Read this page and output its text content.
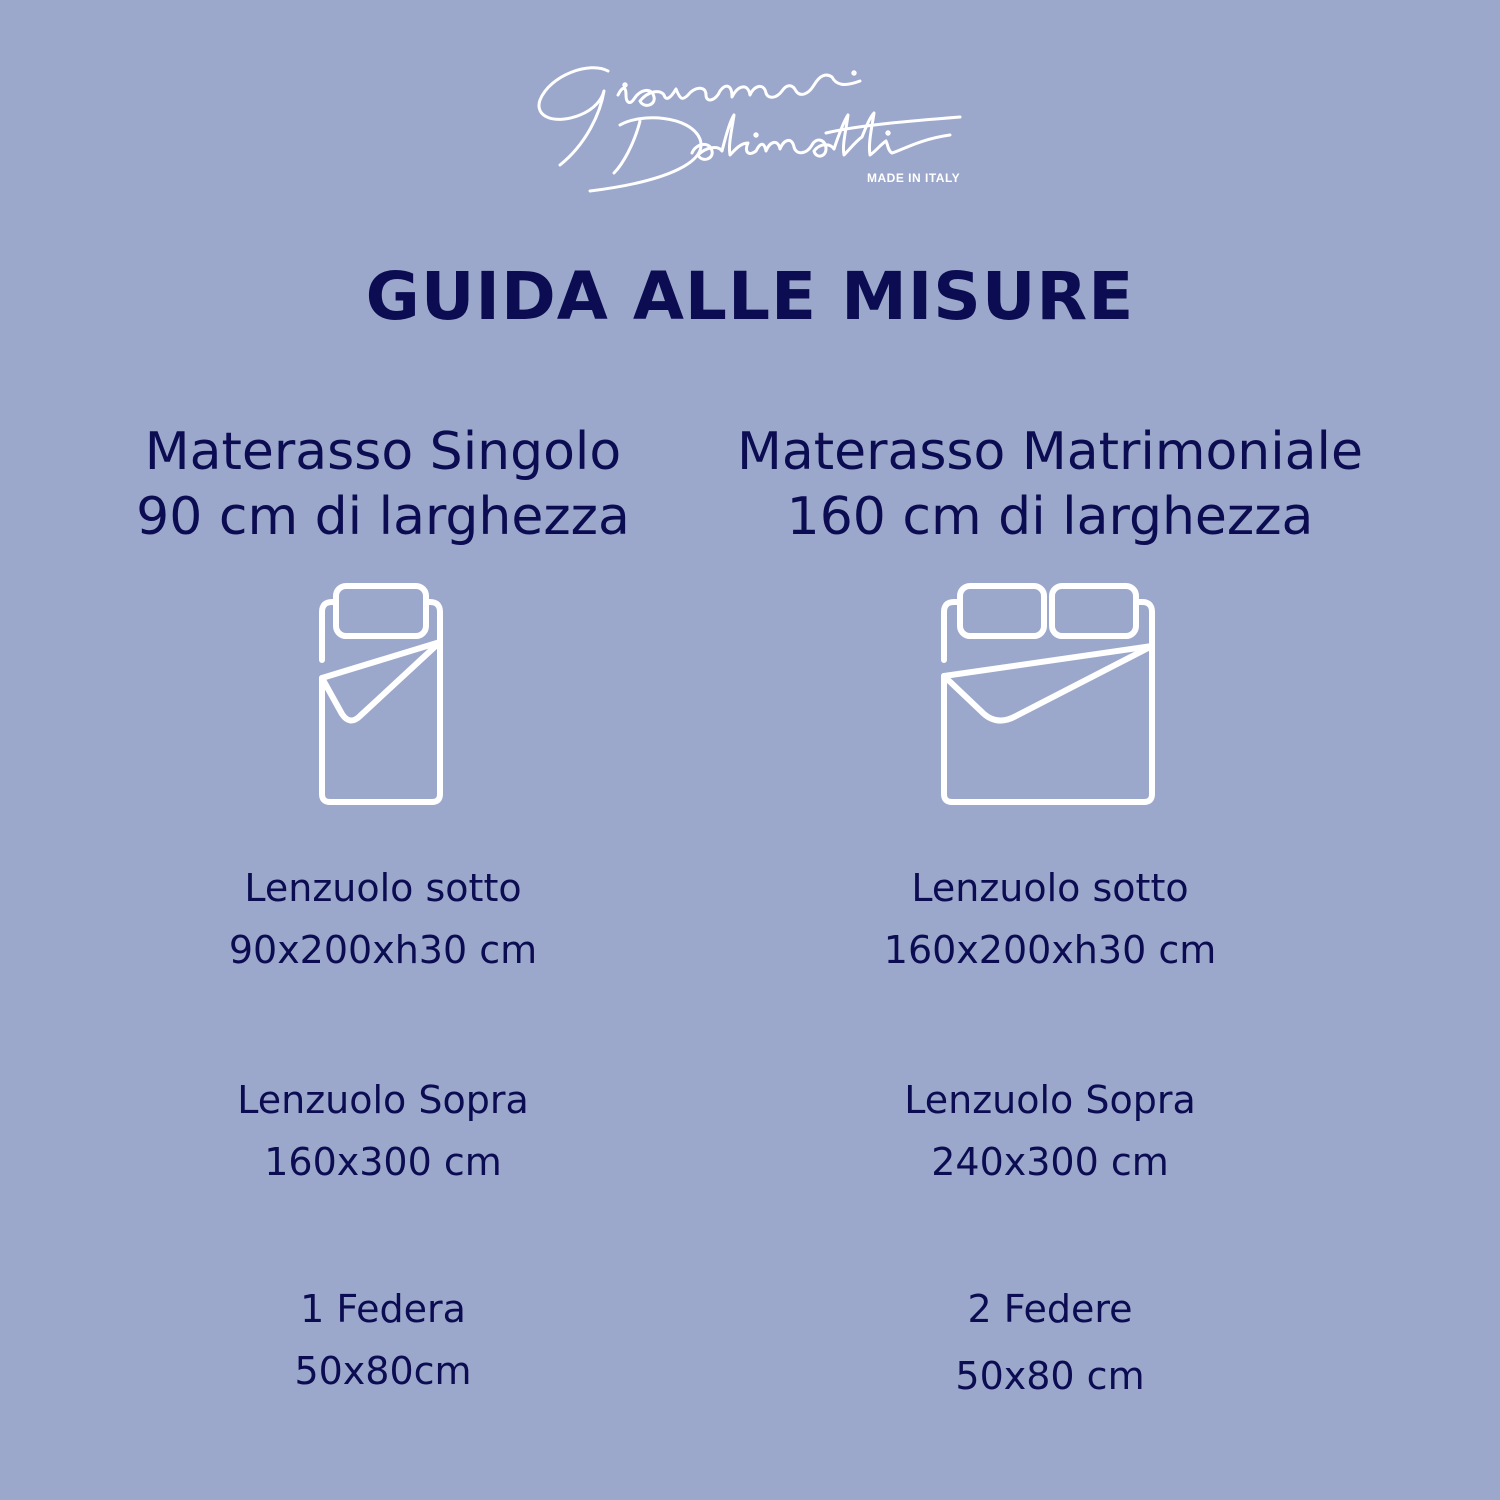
MADE IN ITALY
GUIDA ALLE MISURE
Materasso Singolo
90 cm di larghezza
Lenzuolo sotto
90x200xh30 cm
Lenzuolo Sopra
160x300 cm
1 Federa
50x80cm
Materasso Matrimoniale
160 cm di larghezza
Lenzuolo sotto
160x200xh30 cm
Lenzuolo Sopra
240x300 cm
2 Federe
50x80 cm
